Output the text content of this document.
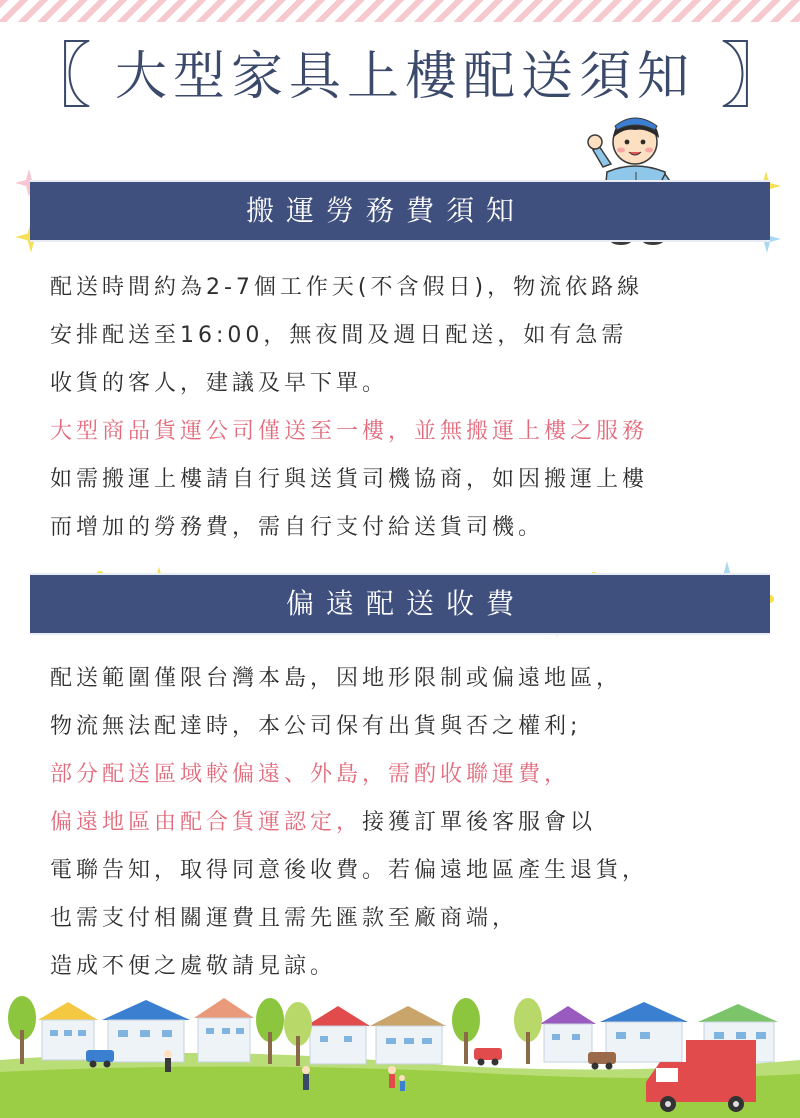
〖 大型家具上樓配送須知 〗
搬運勞務費須知
配送時間約為2-7個工作天(不含假日)，物流依路線
安排配送至16:00，無夜間及週日配送，如有急需
收貨的客人，建議及早下單。
大型商品貨運公司僅送至一樓，並無搬運上樓之服務
如需搬運上樓請自行與送貨司機協商，如因搬運上樓
而增加的勞務費，需自行支付給送貨司機。
偏遠配送收費
配送範圍僅限台灣本島，因地形限制或偏遠地區，
物流無法配達時，本公司保有出貨與否之權利;
部分配送區域較偏遠、外島，需酌收聯運費，
偏遠地區由配合貨運認定，接獲訂單後客服會以
電聯告知，取得同意後收費。若偏遠地區產生退貨，
也需支付相關運費且需先匯款至廠商端，
造成不便之處敬請見諒。
